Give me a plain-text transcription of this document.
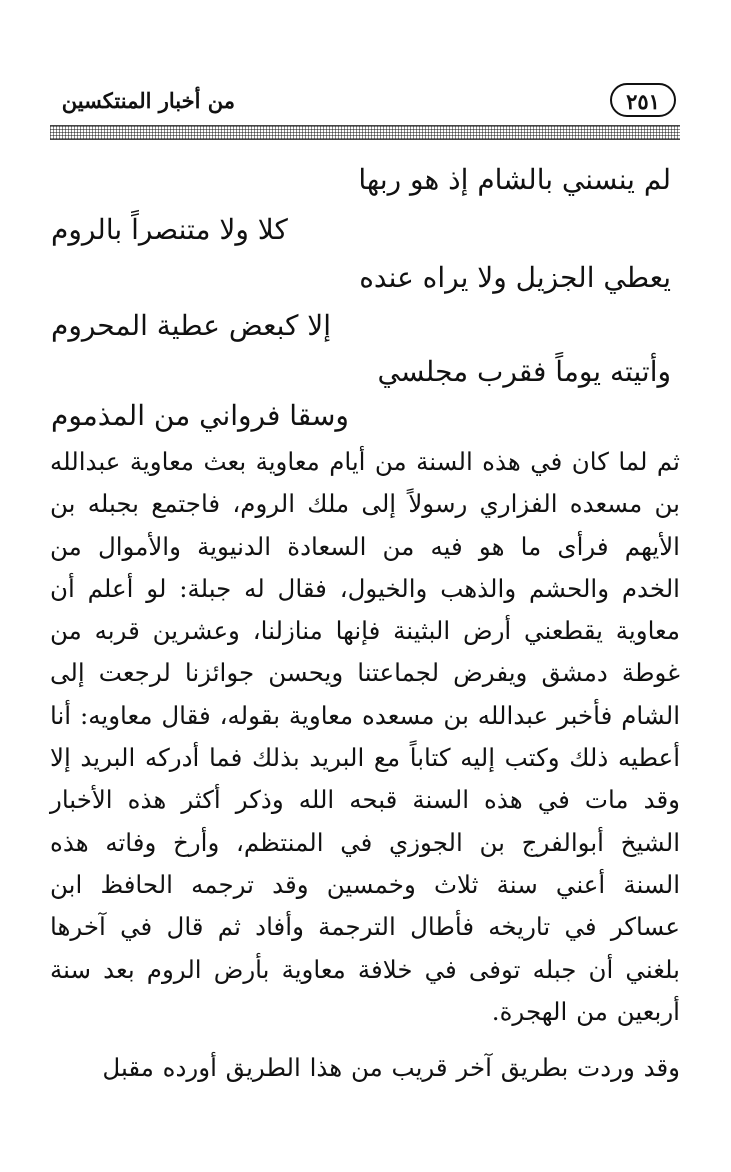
من أخبار المنتكسين	٢٥١
لم ينسني بالشام إذ هو ربها
كلا ولا متنصراً بالروم
يعطي الجزيل ولا يراه عنده
إلا كبعض عطية المحروم
وأتيته يوماً فقرب مجلسي
وسقا فرواني من المذموم

ثم لما كان في هذه السنة من أيام معاوية بعث معاوية عبدالله بن مسعده الفزاري رسولاً إلى ملك الروم، فاجتمع بجبله بن الأيهم فرأى ما هو فيه من السعادة الدنيوية والأموال من الخدم والحشم والذهب والخيول، فقال له جبلة: لو أعلم أن معاوية يقطعني أرض البثينة فإنها منازلنا، وعشرين قربه من غوطة دمشق ويفرض لجماعتنا ويحسن جوائزنا لرجعت إلى الشام فأخبر عبدالله بن مسعده معاوية بقوله، فقال معاويه: أنا أعطيه ذلك وكتب إليه كتاباً مع البريد بذلك فما أدركه البريد إلا وقد مات في هذه السنة قبحه الله وذكر أكثر هذه الأخبار الشيخ أبوالفرج بن الجوزي في المنتظم، وأرخ وفاته هذه السنة أعني سنة ثلاث وخمسين وقد ترجمه الحافظ ابن عساكر في تاريخه فأطال الترجمة وأفاد ثم قال في آخرها بلغني أن جبله توفى في خلافة معاوية بأرض الروم بعد سنة أربعين من الهجرة.

وقد وردت بطريق آخر قريب من هذا الطريق أورده مقبل
